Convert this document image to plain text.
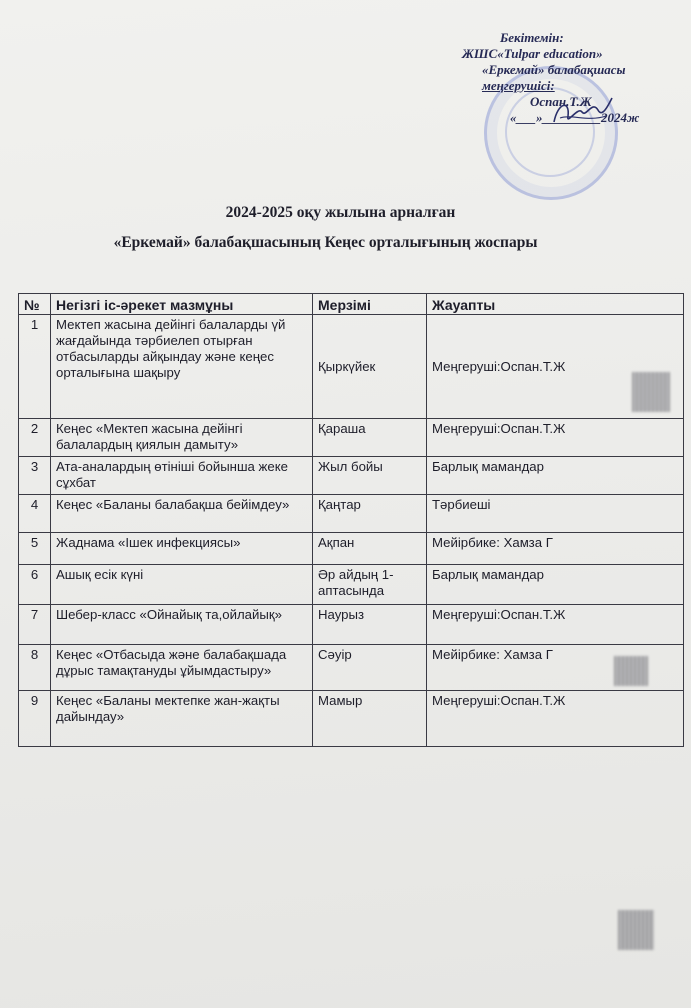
Бекітемін:
ЖШС«Tulpar education»
«Еркемай» балабақшасы
меңгерушісі:
Оспан.Т.Ж
«___»_________2024ж
2024-2025 оқу жылына арналған
«Еркемай» балабақшасының Кеңес орталығының жоспары
№	Негізгі іс-әрекет мазмұны	Мерзімі	Жауапты
1	Мектеп жасына дейінгі балаларды үй жағдайында тәрбиелеп отырған отбасыларды айқындау және кеңес орталығына шақыру	Қыркүйек	Меңгеруші:Оспан.Т.Ж
2	Кеңес «Мектеп жасына дейінгі балалардың қиялын дамыту»	Қараша	Меңгеруші:Оспан.Т.Ж
3	Ата-аналардың өтініші бойынша жеке сұхбат	Жыл бойы	Барлық мамандар
4	Кеңес «Баланы балабақша бейімдеу»	Қаңтар	Тәрбиеші
5	Жаднама «Ішек инфекциясы»	Ақпан	Мейірбике: Хамза Г
6	Ашық есік күні	Әр айдың 1-аптасында	Барлық мамандар
7	Шебер-класс «Ойнайық та,ойлайық»	Наурыз	Меңгеруші:Оспан.Т.Ж
8	Кеңес «Отбасыда және балабақшада дұрыс тамақтануды ұйымдастыру»	Сәуір	Мейірбике: Хамза Г
9	Кеңес «Баланы мектепке жан-жақты дайындау»	Мамыр	Меңгеруші:Оспан.Т.Ж
